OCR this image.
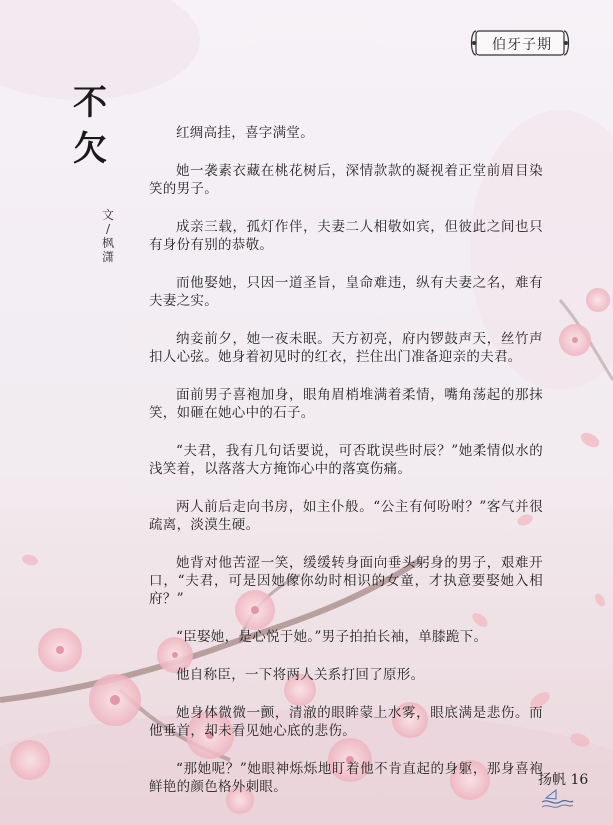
伯牙子期
不
欠
文
/
枫
潇

红绸高挂，喜字满堂。

她一袭素衣藏在桃花树后，深情款款的凝视着正堂前眉目染笑的男子。

成亲三载，孤灯作伴，夫妻二人相敬如宾，但彼此之间也只有身份有别的恭敬。

而他娶她，只因一道圣旨，皇命难违，纵有夫妻之名，难有夫妻之实。

纳妾前夕，她一夜未眠。天方初亮，府内锣鼓声天，丝竹声扣人心弦。她身着初见时的红衣，拦住出门准备迎亲的夫君。

面前男子喜袍加身，眼角眉梢堆满着柔情，嘴角荡起的那抹笑，如砸在她心中的石子。

“夫君，我有几句话要说，可否耽误些时辰？”她柔情似水的浅笑着，以落落大方掩饰心中的落寞伤痛。

两人前后走向书房，如主仆般。“公主有何吩咐？”客气并很疏离，淡漠生硬。

她背对他苦涩一笑，缓缓转身面向垂头躬身的男子，艰难开口，“夫君，可是因她像你幼时相识的女童，才执意要娶她入相府？”

“臣娶她，是心悦于她。”男子拍拍长袖，单膝跪下。

他自称臣，一下将两人关系打回了原形。

她身体微微一颤，清澈的眼眸蒙上水雾，眼底满是悲伤。而他垂首，却未看见她心底的悲伤。

“那她呢？”她眼神烁烁地盯着他不肯直起的身躯，那身喜袍鲜艳的颜色格外刺眼。	扬帆 16
